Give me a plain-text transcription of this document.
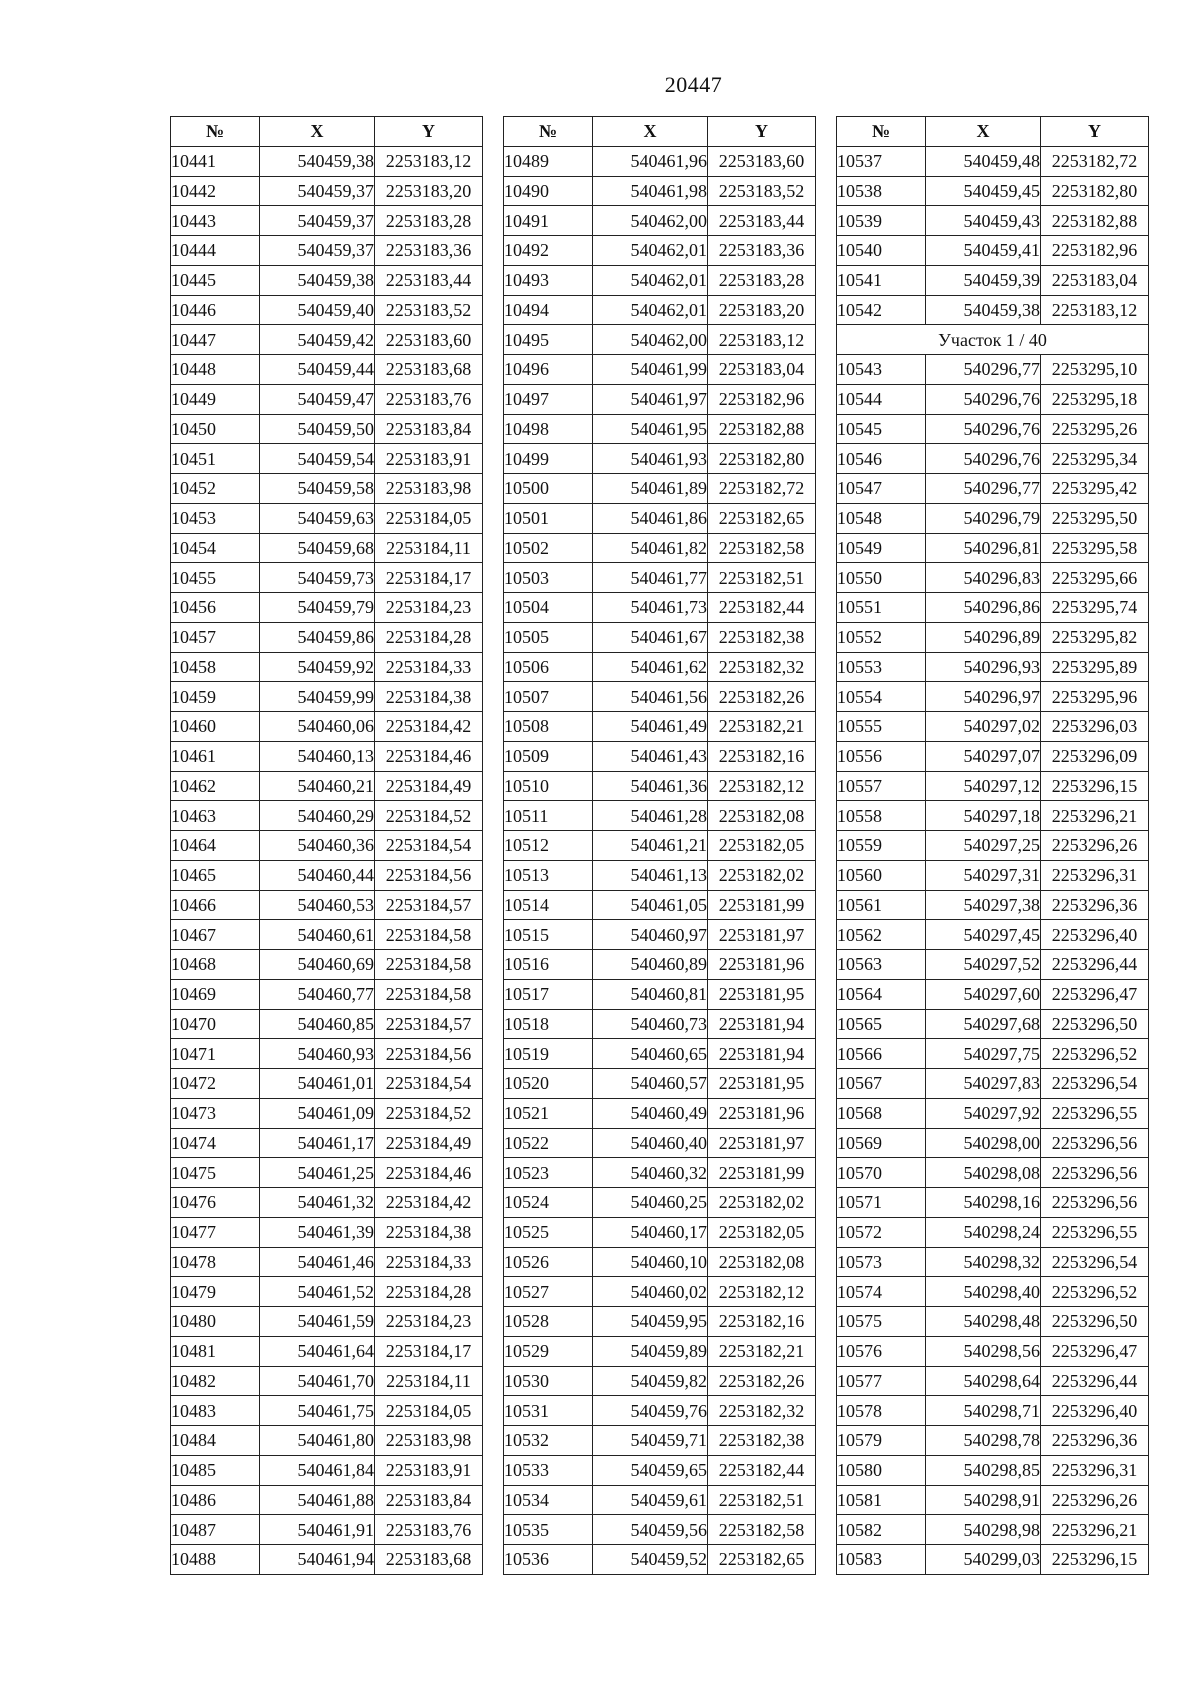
20447
№	X	Y
10441	540459,38	2253183,12
10442	540459,37	2253183,20
10443	540459,37	2253183,28
10444	540459,37	2253183,36
10445	540459,38	2253183,44
10446	540459,40	2253183,52
10447	540459,42	2253183,60
10448	540459,44	2253183,68
10449	540459,47	2253183,76
10450	540459,50	2253183,84
10451	540459,54	2253183,91
10452	540459,58	2253183,98
10453	540459,63	2253184,05
10454	540459,68	2253184,11
10455	540459,73	2253184,17
10456	540459,79	2253184,23
10457	540459,86	2253184,28
10458	540459,92	2253184,33
10459	540459,99	2253184,38
10460	540460,06	2253184,42
10461	540460,13	2253184,46
10462	540460,21	2253184,49
10463	540460,29	2253184,52
10464	540460,36	2253184,54
10465	540460,44	2253184,56
10466	540460,53	2253184,57
10467	540460,61	2253184,58
10468	540460,69	2253184,58
10469	540460,77	2253184,58
10470	540460,85	2253184,57
10471	540460,93	2253184,56
10472	540461,01	2253184,54
10473	540461,09	2253184,52
10474	540461,17	2253184,49
10475	540461,25	2253184,46
10476	540461,32	2253184,42
10477	540461,39	2253184,38
10478	540461,46	2253184,33
10479	540461,52	2253184,28
10480	540461,59	2253184,23
10481	540461,64	2253184,17
10482	540461,70	2253184,11
10483	540461,75	2253184,05
10484	540461,80	2253183,98
10485	540461,84	2253183,91
10486	540461,88	2253183,84
10487	540461,91	2253183,76
10488	540461,94	2253183,68
№	X	Y
10489	540461,96	2253183,60
10490	540461,98	2253183,52
10491	540462,00	2253183,44
10492	540462,01	2253183,36
10493	540462,01	2253183,28
10494	540462,01	2253183,20
10495	540462,00	2253183,12
10496	540461,99	2253183,04
10497	540461,97	2253182,96
10498	540461,95	2253182,88
10499	540461,93	2253182,80
10500	540461,89	2253182,72
10501	540461,86	2253182,65
10502	540461,82	2253182,58
10503	540461,77	2253182,51
10504	540461,73	2253182,44
10505	540461,67	2253182,38
10506	540461,62	2253182,32
10507	540461,56	2253182,26
10508	540461,49	2253182,21
10509	540461,43	2253182,16
10510	540461,36	2253182,12
10511	540461,28	2253182,08
10512	540461,21	2253182,05
10513	540461,13	2253182,02
10514	540461,05	2253181,99
10515	540460,97	2253181,97
10516	540460,89	2253181,96
10517	540460,81	2253181,95
10518	540460,73	2253181,94
10519	540460,65	2253181,94
10520	540460,57	2253181,95
10521	540460,49	2253181,96
10522	540460,40	2253181,97
10523	540460,32	2253181,99
10524	540460,25	2253182,02
10525	540460,17	2253182,05
10526	540460,10	2253182,08
10527	540460,02	2253182,12
10528	540459,95	2253182,16
10529	540459,89	2253182,21
10530	540459,82	2253182,26
10531	540459,76	2253182,32
10532	540459,71	2253182,38
10533	540459,65	2253182,44
10534	540459,61	2253182,51
10535	540459,56	2253182,58
10536	540459,52	2253182,65
№	X	Y
10537	540459,48	2253182,72
10538	540459,45	2253182,80
10539	540459,43	2253182,88
10540	540459,41	2253182,96
10541	540459,39	2253183,04
10542	540459,38	2253183,12
Участок 1 / 40		
10543	540296,77	2253295,10
10544	540296,76	2253295,18
10545	540296,76	2253295,26
10546	540296,76	2253295,34
10547	540296,77	2253295,42
10548	540296,79	2253295,50
10549	540296,81	2253295,58
10550	540296,83	2253295,66
10551	540296,86	2253295,74
10552	540296,89	2253295,82
10553	540296,93	2253295,89
10554	540296,97	2253295,96
10555	540297,02	2253296,03
10556	540297,07	2253296,09
10557	540297,12	2253296,15
10558	540297,18	2253296,21
10559	540297,25	2253296,26
10560	540297,31	2253296,31
10561	540297,38	2253296,36
10562	540297,45	2253296,40
10563	540297,52	2253296,44
10564	540297,60	2253296,47
10565	540297,68	2253296,50
10566	540297,75	2253296,52
10567	540297,83	2253296,54
10568	540297,92	2253296,55
10569	540298,00	2253296,56
10570	540298,08	2253296,56
10571	540298,16	2253296,56
10572	540298,24	2253296,55
10573	540298,32	2253296,54
10574	540298,40	2253296,52
10575	540298,48	2253296,50
10576	540298,56	2253296,47
10577	540298,64	2253296,44
10578	540298,71	2253296,40
10579	540298,78	2253296,36
10580	540298,85	2253296,31
10581	540298,91	2253296,26
10582	540298,98	2253296,21
10583	540299,03	2253296,15
